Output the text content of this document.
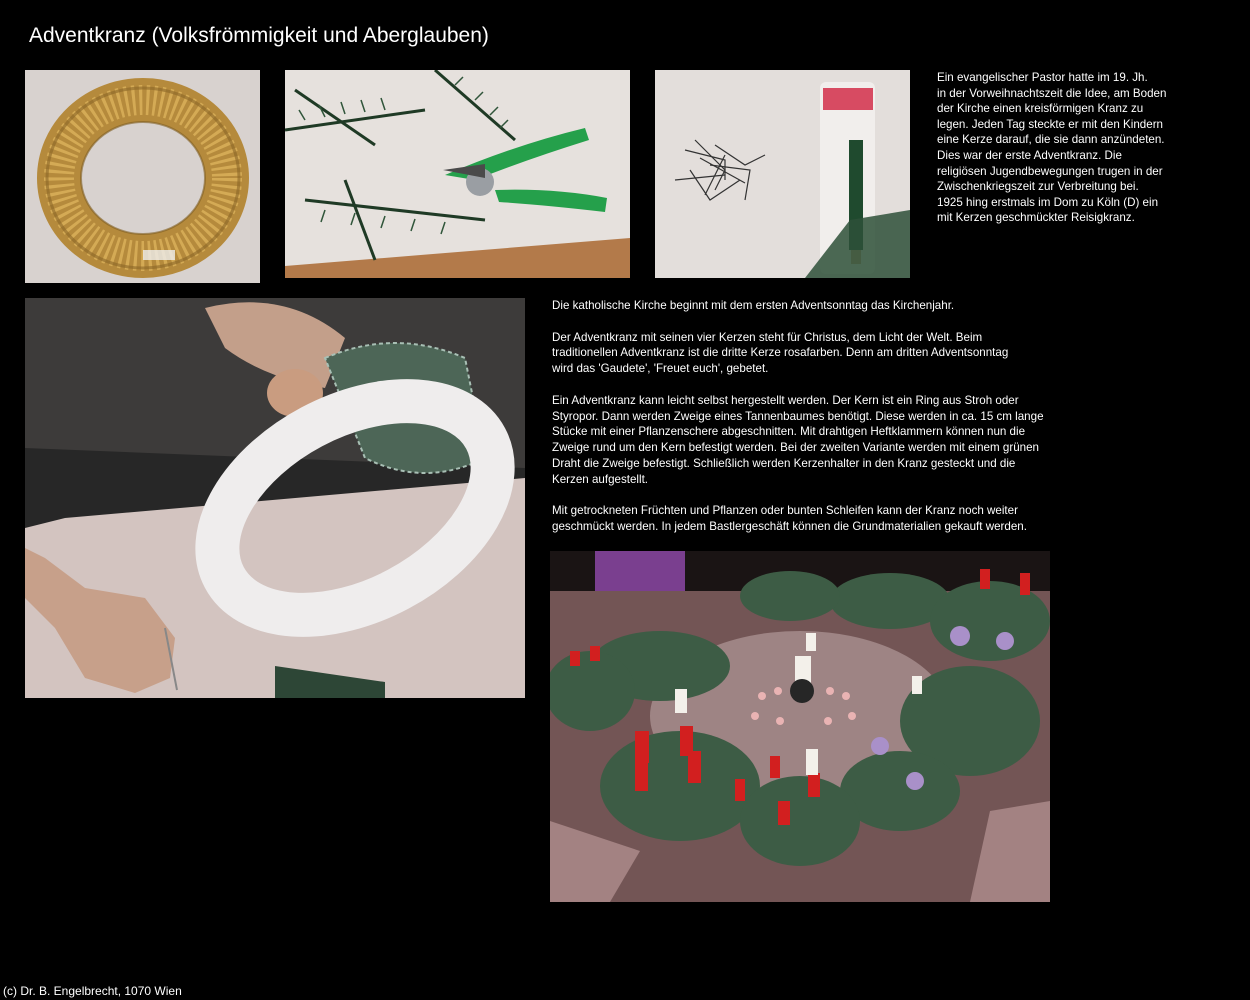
Adventkranz (Volksfrömmigkeit und Aberglauben)
Ein evangelischer Pastor hatte im 19. Jh.
in der Vorweihnachtszeit die Idee, am Boden
der Kirche einen kreisförmigen Kranz zu
legen. Jeden Tag steckte er mit den Kindern
eine Kerze darauf, die sie dann anzündeten.
Dies war der erste Adventkranz. Die
religiösen Jugendbewegungen trugen in der
Zwischenkriegszeit zur Verbreitung bei.
1925 hing erstmals im Dom zu Köln (D) ein
mit Kerzen geschmückter Reisigkranz.

Die katholische Kirche beginnt mit dem ersten Adventsonntag das Kirchenjahr.

Der Adventkranz mit seinen vier Kerzen steht für Christus, dem Licht der Welt. Beim
traditionellen Adventkranz ist die dritte Kerze rosafarben. Denn am dritten Adventsonntag
wird das 'Gaudete', 'Freuet euch', gebetet.

Ein Adventkranz kann leicht selbst hergestellt werden. Der Kern ist ein Ring aus Stroh oder
Styropor. Dann werden Zweige eines Tannenbaumes benötigt. Diese werden in ca. 15 cm lange
Stücke mit einer Pflanzenschere abgeschnitten. Mit drahtigen Heftklammern können nun die
Zweige rund um den Kern befestigt werden. Bei der zweiten Variante werden mit einem grünen
Draht die Zweige befestigt. Schließlich werden Kerzenhalter in den Kranz gesteckt und die
Kerzen aufgestellt.

Mit getrockneten Früchten und Pflanzen oder bunten Schleifen kann der Kranz noch weiter
geschmückt werden. In jedem Bastlergeschäft können die Grundmaterialien gekauft werden.

(c) Dr. B. Engelbrecht, 1070 Wien
